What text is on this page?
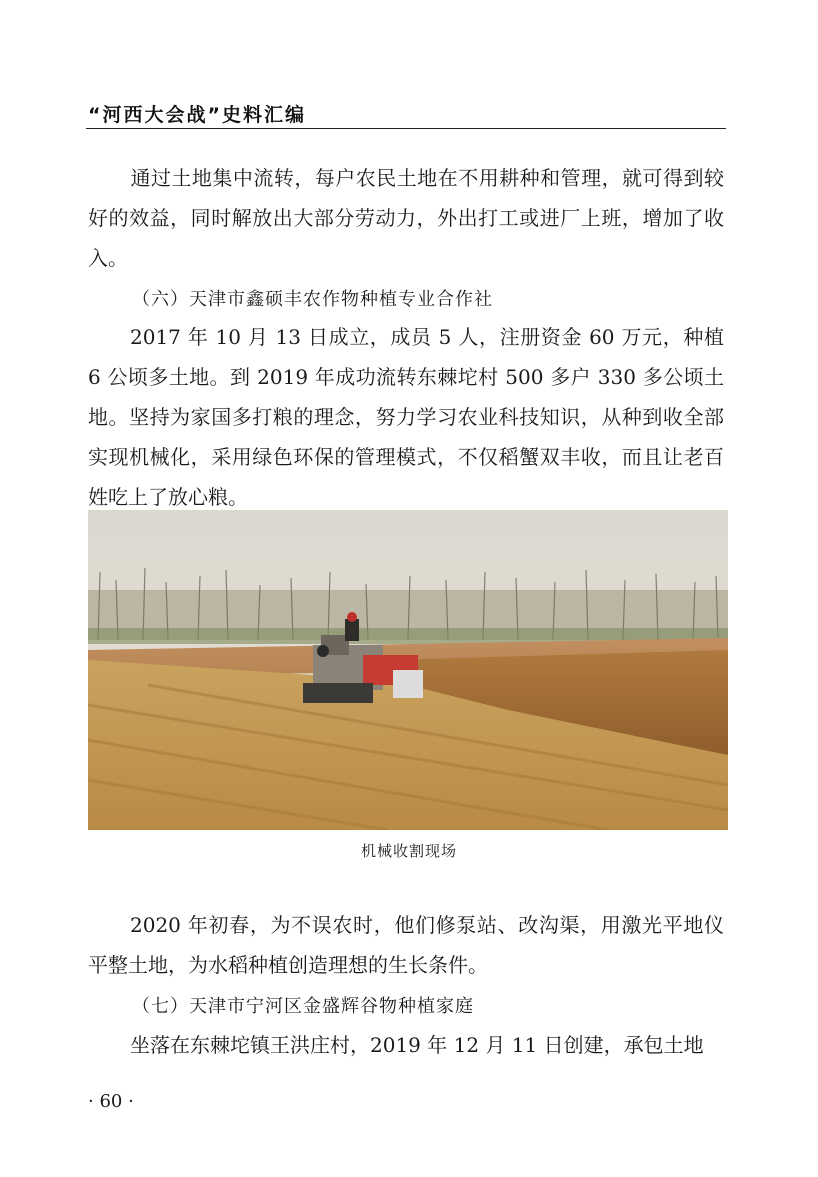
“河西大会战”史料汇编

通过土地集中流转，每户农民土地在不用耕种和管理，就可得到较好的效益，同时解放出大部分劳动力，外出打工或进厂上班，增加了收入。

（六）天津市鑫硕丰农作物种植专业合作社

2017 年 10 月 13 日成立，成员 5 人，注册资金 60 万元，种植 6 公顷多土地。到 2019 年成功流转东棘坨村 500 多户 330 多公顷土地。坚持为家国多打粮的理念，努力学习农业科技知识，从种到收全部实现机械化，采用绿色环保的管理模式，不仅稻蟹双丰收，而且让老百姓吃上了放心粮。

机械收割现场

2020 年初春，为不误农时，他们修泵站、改沟渠，用激光平地仪平整土地，为水稻种植创造理想的生长条件。

（七）天津市宁河区金盛辉谷物种植家庭

坐落在东棘坨镇王洪庄村，2019 年 12 月 11 日创建，承包土地

· 60 ·
